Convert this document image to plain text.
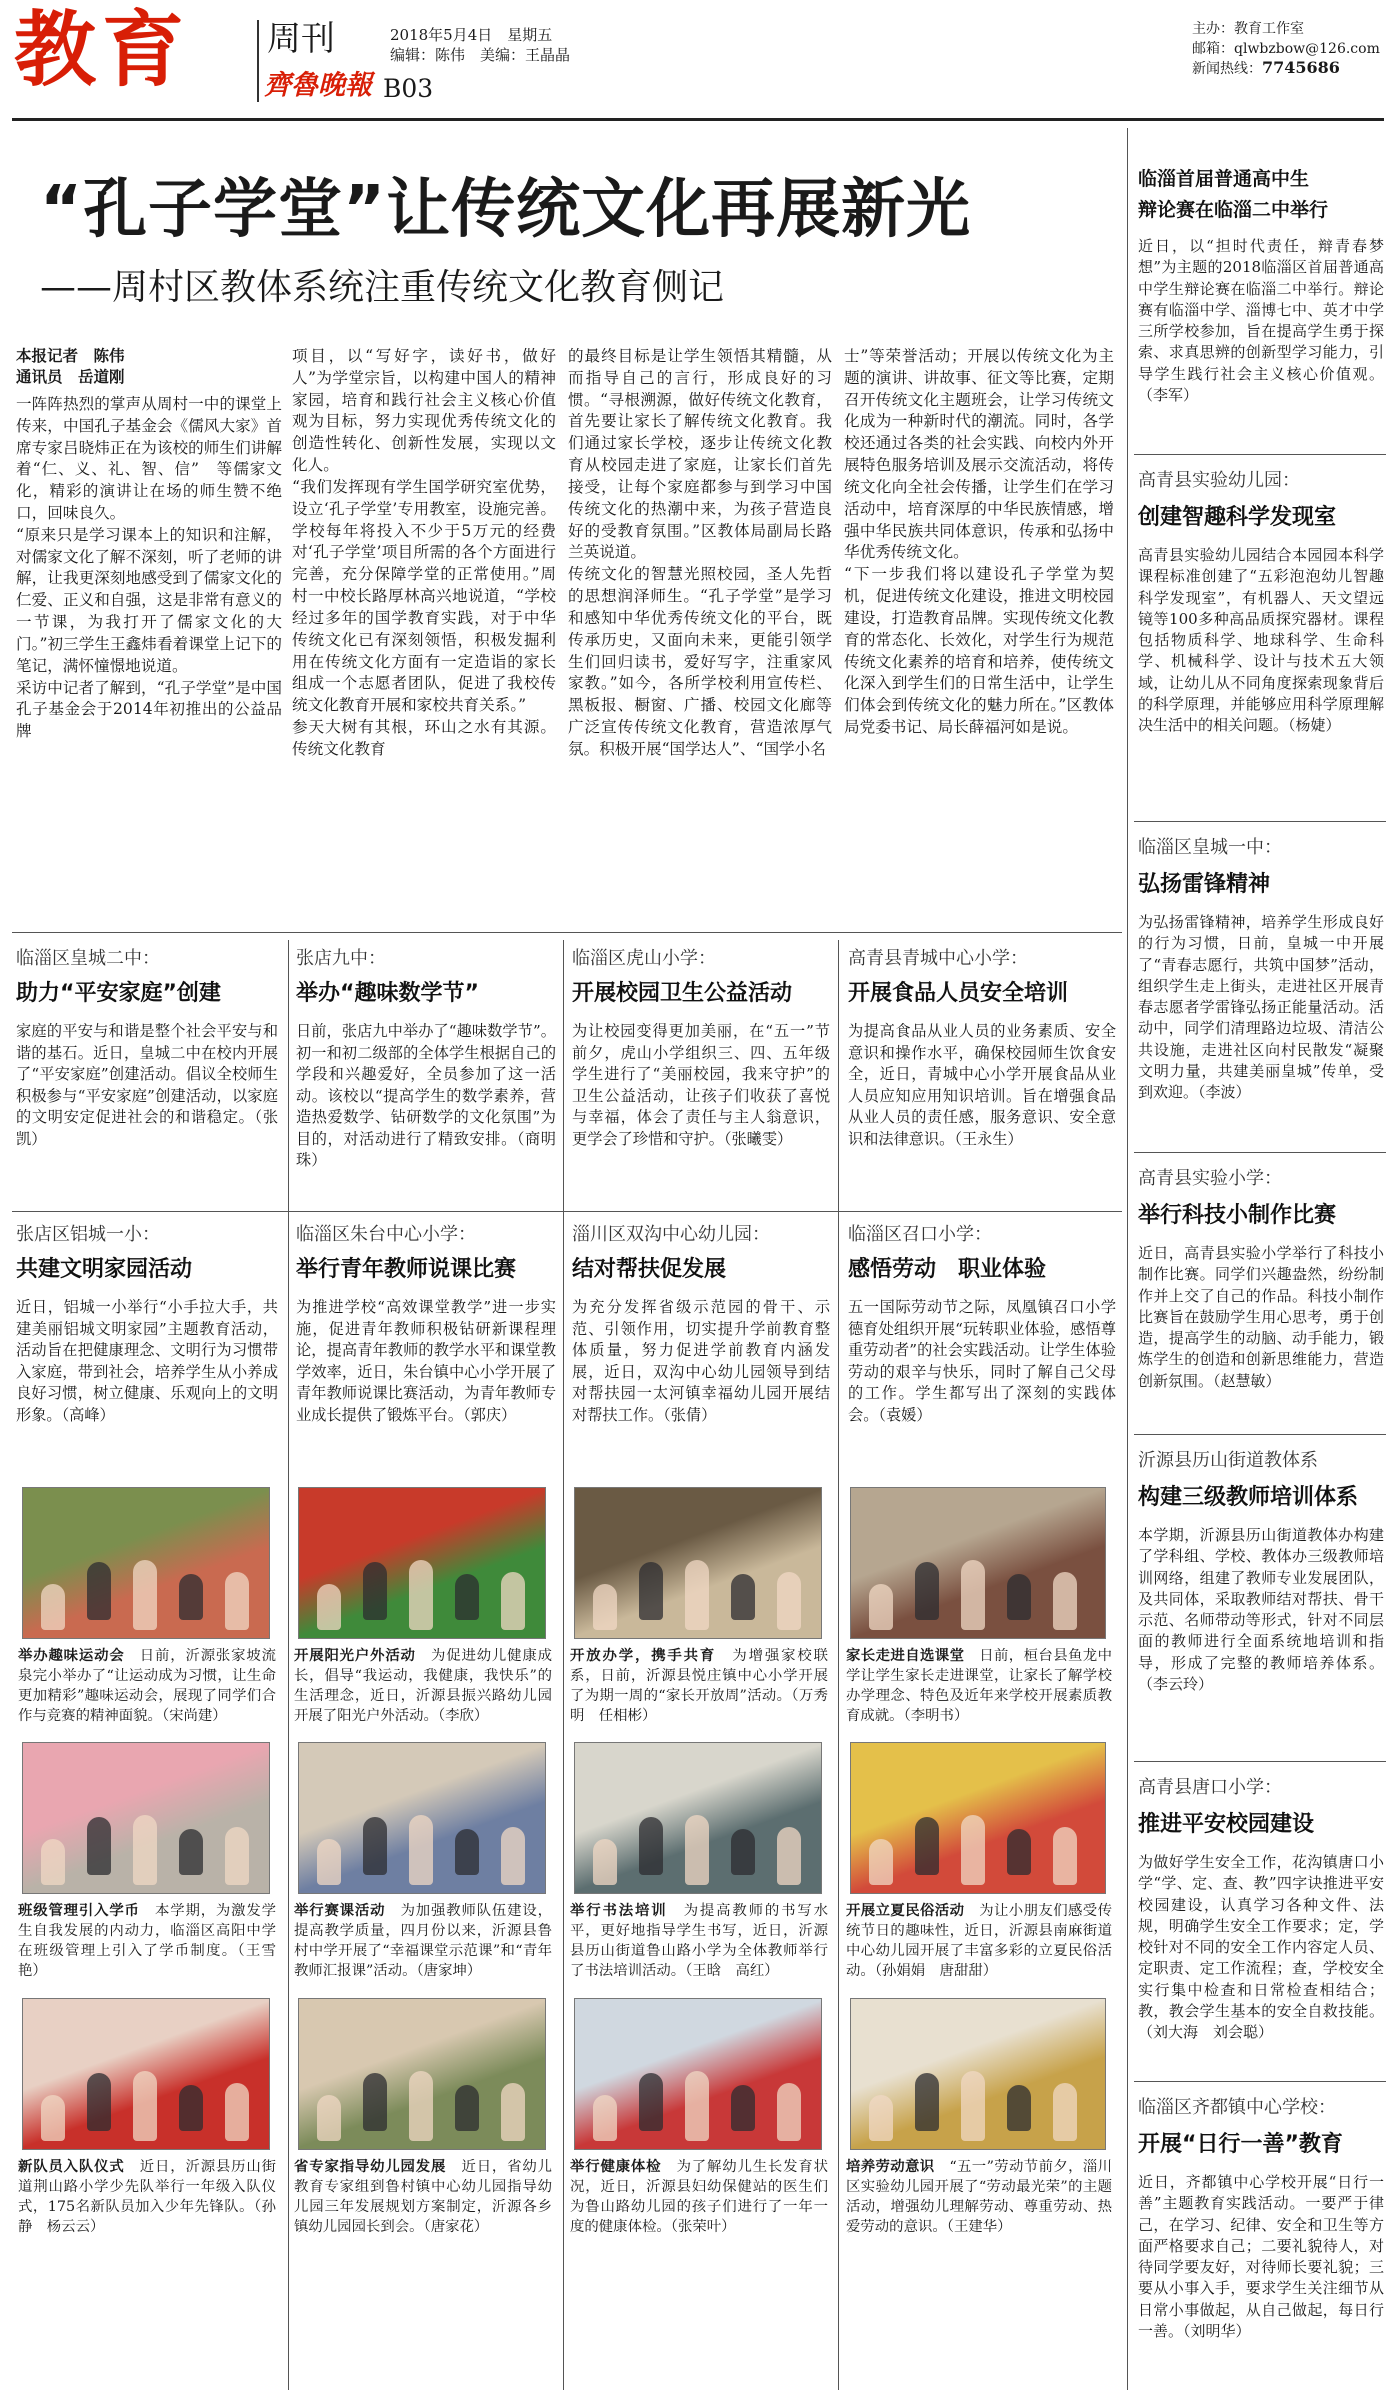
教育 周刊
齊魯晚報 B03
2018年5月4日　星期五
编辑：陈伟　美编：王晶晶
主办：教育工作室
邮箱：qlwbzbow@126.com
新闻热线：7745686
“孔子学堂”让传统文化再展新光
——周村区教体系统注重传统文化教育侧记
本报记者　陈伟
通讯员　岳道刚
一阵阵热烈的掌声从周村一中的课堂上传来，中国孔子基金会《儒风大家》首席专家吕晓炜正在为该校的师生们讲解着“仁、义、礼、智、信”　等儒家文化，精彩的演讲让在场的师生赞不绝口，回味良久。
“原来只是学习课本上的知识和注解，对儒家文化了解不深刻，听了老师的讲解，让我更深刻地感受到了儒家文化的仁爱、正义和自强，这是非常有意义的一节课，为我打开了儒家文化的大门。”初三学生王鑫炜看着课堂上记下的笔记，满怀憧憬地说道。
采访中记者了解到，“孔子学堂”是中国孔子基金会于2014年初推出的公益品牌
项目，以“写好字，读好书，做好人”为学堂宗旨，以构建中国人的精神家园，培育和践行社会主义核心价值观为目标，努力实现优秀传统文化的创造性转化、创新性发展，实现以文化人。
“我们发挥现有学生国学研究室优势，设立‘孔子学堂’专用教室，设施完善。学校每年将投入不少于5万元的经费对‘孔子学堂’项目所需的各个方面进行完善，充分保障学堂的正常使用。”周村一中校长路厚林高兴地说道，“学校经过多年的国学教育实践，对于中华传统文化已有深刻领悟，积极发掘利用在传统文化方面有一定造诣的家长组成一个志愿者团队，促进了我校传统文化教育开展和家校共育关系。”
参天大树有其根，环山之水有其源。传统文化教育
的最终目标是让学生领悟其精髓，从而指导自己的言行，形成良好的习惯。“寻根溯源，做好传统文化教育，首先要让家长了解传统文化教育。我们通过家长学校，逐步让传统文化教育从校园走进了家庭，让家长们首先接受，让每个家庭都参与到学习中国传统文化的热潮中来，为孩子营造良好的受教育氛围。”区教体局副局长路兰英说道。
传统文化的智慧光照校园，圣人先哲的思想润泽师生。“孔子学堂”是学习和感知中华优秀传统文化的平台，既传承历史，又面向未来，更能引领学生们回归读书，爱好写字，注重家风家教。”如今，各所学校利用宣传栏、黑板报、橱窗、广播、校园文化廊等广泛宣传传统文化教育，营造浓厚气氛。积极开展“国学达人”、“国学小名
士”等荣誉活动；开展以传统文化为主题的演讲、讲故事、征文等比赛，定期召开传统文化主题班会，让学习传统文化成为一种新时代的潮流。同时，各学校还通过各类的社会实践、向校内外开展特色服务培训及展示交流活动，将传统文化向全社会传播，让学生们在学习活动中，培育深厚的中华民族情感，增强中华民族共同体意识，传承和弘扬中华优秀传统文化。
“下一步我们将以建设孔子学堂为契机，促进传统文化建设，推进文明校园建设，打造教育品牌。实现传统文化教育的常态化、长效化，对学生行为规范传统文化素养的培育和培养，使传统文化深入到学生们的日常生活中，让学生们体会到传统文化的魅力所在。”区教体局党委书记、局长薛福河如是说。
临淄区皇城二中：
助力“平安家庭”创建
家庭的平安与和谐是整个社会平安与和谐的基石。近日，皇城二中在校内开展了“平安家庭”创建活动。倡议全校师生积极参与“平安家庭”创建活动，以家庭的文明安定促进社会的和谐稳定。（张凯）
张店九中：
举办“趣味数学节”
日前，张店九中举办了“趣味数学节”。初一和初二级部的全体学生根据自己的学段和兴趣爱好，全员参加了这一活动。该校以“提高学生的数学素养，营造热爱数学、钻研数学的文化氛围”为目的，对活动进行了精致安排。（商明珠）
临淄区虎山小学：
开展校园卫生公益活动
为让校园变得更加美丽，在“五一”节前夕，虎山小学组织三、四、五年级学生进行了“美丽校园，我来守护”的卫生公益活动，让孩子们收获了喜悦与幸福，体会了责任与主人翁意识，更学会了珍惜和守护。（张曦雯）
高青县青城中心小学：
开展食品人员安全培训
为提高食品从业人员的业务素质、安全意识和操作水平，确保校园师生饮食安全，近日，青城中心小学开展食品从业人员应知应用知识培训。旨在增强食品从业人员的责任感，服务意识、安全意识和法律意识。（王永生）
张店区铝城一小：
共建文明家园活动
近日，铝城一小举行“小手拉大手，共建美丽铝城文明家园”主题教育活动，活动旨在把健康理念、文明行为习惯带入家庭，带到社会，培养学生从小养成良好习惯，树立健康、乐观向上的文明形象。（高峰）
临淄区朱台中心小学：
举行青年教师说课比赛
为推进学校“高效课堂教学”进一步实施，促进青年教师积极钻研新课程理论，提高青年教师的教学水平和课堂教学效率，近日，朱台镇中心小学开展了青年教师说课比赛活动，为青年教师专业成长提供了锻炼平台。（郭庆）
淄川区双沟中心幼儿园：
结对帮扶促发展
为充分发挥省级示范园的骨干、示范、引领作用，切实提升学前教育整体质量，努力促进学前教育内涵发展，近日，双沟中心幼儿园领导到结对帮扶园一太河镇幸福幼儿园开展结对帮扶工作。（张倩）
临淄区召口小学：
感悟劳动　职业体验
五一国际劳动节之际，凤凰镇召口小学德育处组织开展“玩转职业体验，感悟尊重劳动者”的社会实践活动。让学生体验劳动的艰辛与快乐，同时了解自己父母的工作。学生都写出了深刻的实践体会。（袁媛）
举办趣味运动会　 日前，沂源张家坡流泉完小举办了“让运动成为习惯，让生命更加精彩”趣味运动会，展现了同学们合作与竞赛的精神面貌。（宋尚建）
开展阳光户外活动　 为促进幼儿健康成长，倡导“我运动，我健康，我快乐”的生活理念，近日，沂源县振兴路幼儿园开展了阳光户外活动。（李欣）
开放办学，携手共育　 为增强家校联系，日前，沂源县悦庄镇中心小学开展了为期一周的“家长开放周”活动。（万秀明　任相彬）
家长走进自选课堂　 日前，桓台县鱼龙中学让学生家长走进课堂，让家长了解学校办学理念、特色及近年来学校开展素质教育成就。（李明书）
班级管理引入学币　 本学期，为激发学生自我发展的内动力，临淄区高阳中学在班级管理上引入了学币制度。（王雪艳）
举行赛课活动　 为加强教师队伍建设，提高教学质量，四月份以来，沂源县鲁村中学开展了“幸福课堂示范课”和“青年教师汇报课”活动。（唐家坤）
举行书法培训　 为提高教师的书写水平，更好地指导学生书写，近日，沂源县历山街道鲁山路小学为全体教师举行了书法培训活动。（王晗　高红）
开展立夏民俗活动　 为让小朋友们感受传统节日的趣味性，近日，沂源县南麻街道中心幼儿园开展了丰富多彩的立夏民俗活动。（孙娟娟　唐甜甜）
新队员入队仪式　 近日，沂源县历山街道荆山路小学少先队举行一年级入队仪式，175名新队员加入少年先锋队。（孙静　杨云云）
省专家指导幼儿园发展　 近日，省幼儿教育专家组到鲁村镇中心幼儿园指导幼儿园三年发展规划方案制定，沂源各乡镇幼儿园园长到会。（唐家花）
举行健康体检　 为了解幼儿生长发育状况，近日，沂源县妇幼保健站的医生们为鲁山路幼儿园的孩子们进行了一年一度的健康体检。（张荣叶）
培养劳动意识　 “五一”劳动节前夕，淄川区实验幼儿园开展了“劳动最光荣”的主题活动，增强幼儿理解劳动、尊重劳动、热爱劳动的意识。（王建华）
临淄首届普通高中生
辩论赛在临淄二中举行
近日，以“担时代责任，辩青春梦想”为主题的2018临淄区首届普通高中学生辩论赛在临淄二中举行。辩论赛有临淄中学、淄博七中、英才中学三所学校参加，旨在提高学生勇于探索、求真思辨的创新型学习能力，引导学生践行社会主义核心价值观。（李军）
高青县实验幼儿园：
创建智趣科学发现室
高青县实验幼儿园结合本园园本科学课程标准创建了“五彩泡泡幼儿智趣科学发现室”，有机器人、天文望远镜等100多种高品质探究器材。课程包括物质科学、地球科学、生命科学、机械科学、设计与技术五大领域，让幼儿从不同角度探索现象背后的科学原理，并能够应用科学原理解决生活中的相关问题。（杨婕）
临淄区皇城一中：
弘扬雷锋精神
为弘扬雷锋精神，培养学生形成良好的行为习惯，日前，皇城一中开展了“青春志愿行，共筑中国梦”活动，组织学生走上街头，走进社区开展青春志愿者学雷锋弘扬正能量活动。活动中，同学们清理路边垃圾、清洁公共设施，走进社区向村民散发“凝聚文明力量，共建美丽皇城”传单，受到欢迎。（李波）
高青县实验小学：
举行科技小制作比赛
近日，高青县实验小学举行了科技小制作比赛。同学们兴趣盎然，纷纷制作并上交了自己的作品。科技小制作比赛旨在鼓励学生用心思考，勇于创造，提高学生的动脑、动手能力，锻炼学生的创造和创新思维能力，营造创新氛围。（赵慧敏）
沂源县历山街道教体系
构建三级教师培训体系
本学期，沂源县历山街道教体办构建了学科组、学校、教体办三级教师培训网络，组建了教师专业发展团队，及共同体，采取教师结对帮扶、骨干示范、名师带动等形式，针对不同层面的教师进行全面系统地培训和指导，形成了完整的教师培养体系。（李云玲）
高青县唐口小学：
推进平安校园建设
为做好学生安全工作，花沟镇唐口小学“学、定、查、教”四字诀推进平安校园建设，认真学习各种文件、法规，明确学生安全工作要求；定，学校针对不同的安全工作内容定人员、定职责、定工作流程；查，学校安全实行集中检查和日常检查相结合；教，教会学生基本的安全自救技能。（刘大海　刘会聪）
临淄区齐都镇中心学校：
开展“日行一善”教育
近日，齐都镇中心学校开展“日行一善”主题教育实践活动。一要严于律己，在学习、纪律、安全和卫生等方面严格要求自己；二要礼貌待人，对待同学要友好，对待师长要礼貌；三要从小事入手，要求学生关注细节从日常小事做起，从自己做起，每日行一善。（刘明华）
